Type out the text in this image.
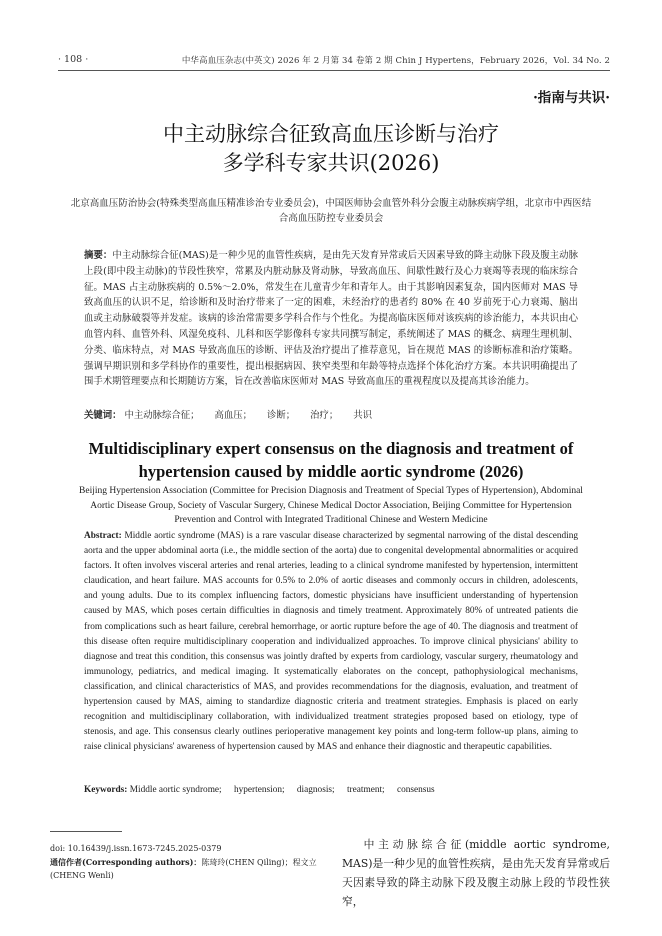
· 108 ·	中华高血压杂志(中英文) 2026 年 2 月第 34 卷第 2 期 Chin J Hypertens，February 2026，Vol. 34 No. 2
·指南与共识·
中主动脉综合征致高血压诊断与治疗
多学科专家共识(2026)
北京高血压防治协会(特殊类型高血压精准诊治专业委员会)，中国医师协会血管外科分会腹主动脉疾病学组，北京市中西医结合高血压防控专业委员会
摘要：中主动脉综合征(MAS)是一种少见的血管性疾病，是由先天发育异常或后天因素导致的降主动脉下段及腹主动脉上段(即中段主动脉)的节段性狭窄，常累及内脏动脉及肾动脉，导致高血压、间歇性跛行及心力衰竭等表现的临床综合征。MAS 占主动脉疾病的 0.5%～2.0%，常发生在儿童青少年和青年人。由于其影响因素复杂，国内医师对 MAS 导致高血压的认识不足，给诊断和及时治疗带来了一定的困难，未经治疗的患者约 80% 在 40 岁前死于心力衰竭、脑出血或主动脉破裂等并发症。该病的诊治常需要多学科合作与个性化。为提高临床医师对该疾病的诊治能力，本共识由心血管内科、血管外科、风湿免疫科、儿科和医学影像科专家共同撰写制定，系统阐述了 MAS 的概念、病理生理机制、分类、临床特点，对 MAS 导致高血压的诊断、评估及治疗提出了推荐意见，旨在规范 MAS 的诊断标准和治疗策略。强调早期识别和多学科协作的重要性，提出根据病因、狭窄类型和年龄等特点选择个体化治疗方案。本共识明确提出了围手术期管理要点和长期随访方案，旨在改善临床医师对 MAS 导致高血压的重视程度以及提高其诊治能力。
关键词： 中主动脉综合征； 高血压； 诊断； 治疗； 共识
Multidisciplinary expert consensus on the diagnosis and treatment of
hypertension caused by middle aortic syndrome (2026)
Beijing Hypertension Association (Committee for Precision Diagnosis and Treatment of Special Types of Hypertension), Abdominal Aortic Disease Group, Society of Vascular Surgery, Chinese Medical Doctor Association, Beijing Committee for Hypertension Prevention and Control with Integrated Traditional Chinese and Western Medicine
Abstract: Middle aortic syndrome (MAS) is a rare vascular disease characterized by segmental narrowing of the distal descending aorta and the upper abdominal aorta (i.e., the middle section of the aorta) due to congenital developmental abnormalities or acquired factors. It often involves visceral arteries and renal arteries, leading to a clinical syndrome manifested by hypertension, intermittent claudication, and heart failure. MAS accounts for 0.5% to 2.0% of aortic diseases and commonly occurs in children, adolescents, and young adults. Due to its complex influencing factors, domestic physicians have insufficient understanding of hypertension caused by MAS, which poses certain difficulties in diagnosis and timely treatment. Approximately 80% of untreated patients die from complications such as heart failure, cerebral hemorrhage, or aortic rupture before the age of 40. The diagnosis and treatment of this disease often require multidisciplinary cooperation and individualized approaches. To improve clinical physicians' ability to diagnose and treat this condition, this consensus was jointly drafted by experts from cardiology, vascular surgery, rheumatology and immunology, pediatrics, and medical imaging. It systematically elaborates on the concept, pathophysiological mechanisms, classification, and clinical characteristics of MAS, and provides recommendations for the diagnosis, evaluation, and treatment of hypertension caused by MAS, aiming to standardize diagnostic criteria and treatment strategies. Emphasis is placed on early recognition and multidisciplinary collaboration, with individualized treatment strategies proposed based on etiology, type of stenosis, and age. This consensus clearly outlines perioperative management key points and long-term follow-up plans, aiming to raise clinical physicians' awareness of hypertension caused by MAS and enhance their diagnostic and therapeutic capabilities.
Keywords: Middle aortic syndrome; hypertension; diagnosis; treatment; consensus
doi: 10.16439/j.issn.1673-7245.2025-0379
通信作者(Corresponding authors)：陈琦玲(CHEN Qiling)；程文立(CHENG Wenli)
中主动脉综合征(middle aortic syndrome, MAS)是一种少见的血管性疾病，是由先天发育异常或后天因素导致的降主动脉下段及腹主动脉上段的节段性狭窄，
